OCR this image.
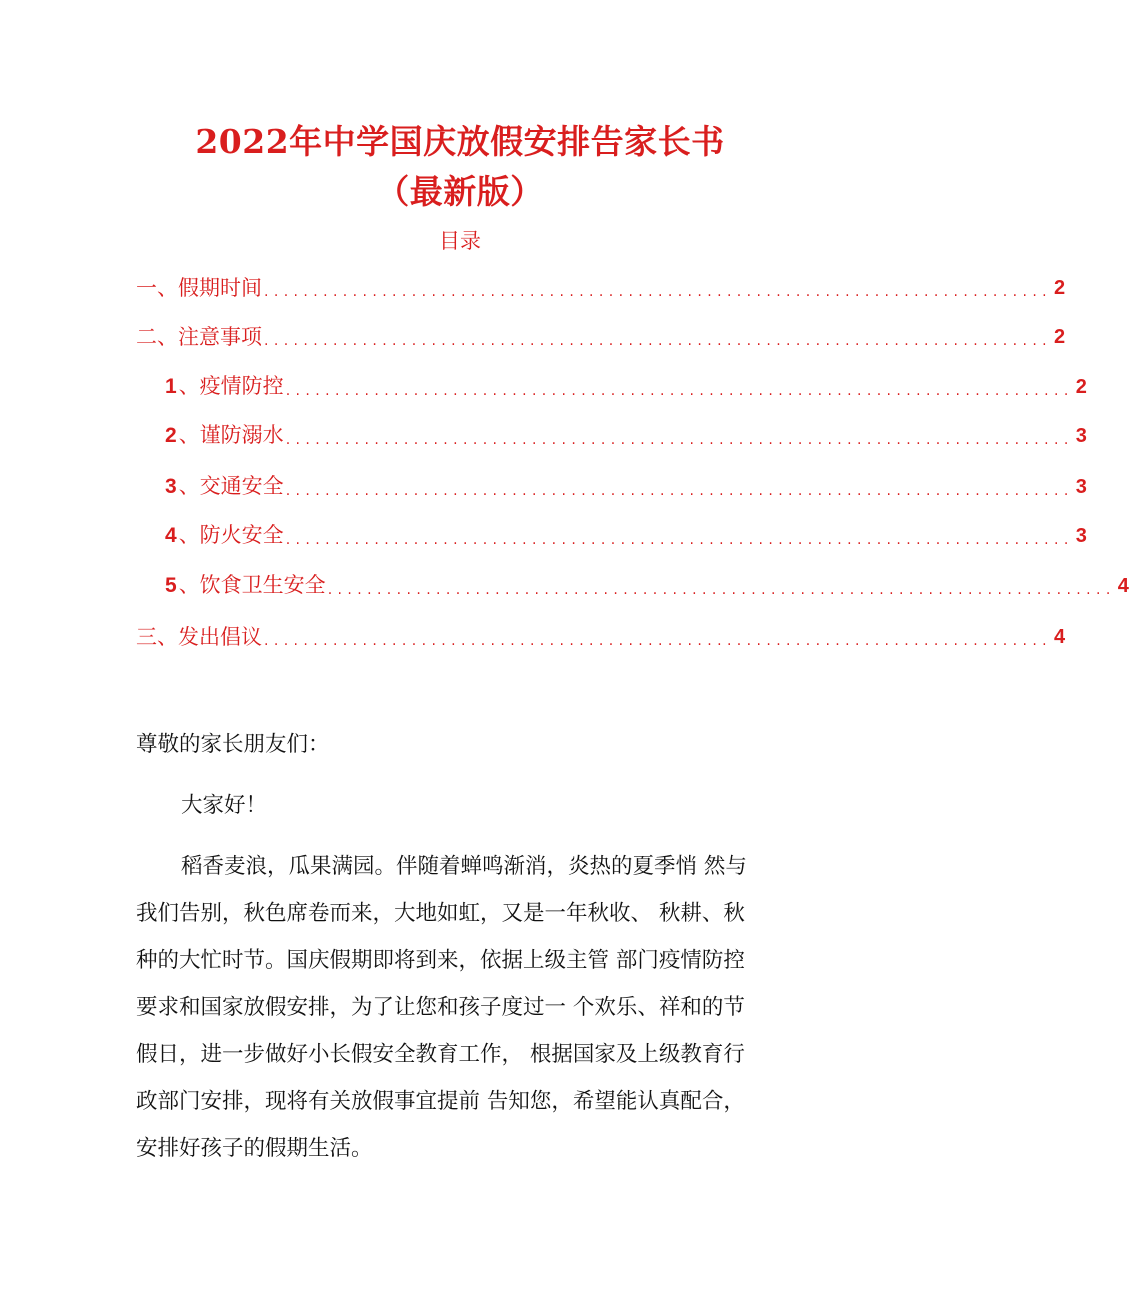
2022年中学国庆放假安排告家长书
（最新版）
目录
一、假期时间 ................................................................................ 2
二、注意事项 ................................................................................ 2
1、疫情防控 ................................................................................ 2
2、谨防溺水 ................................................................................ 3
3、交通安全 ................................................................................ 3
4、防火安全 ................................................................................ 3
5、饮食卫生安全 ................................................................................ 4
三、发出倡议 ................................................................................ 4
尊敬的家长朋友们：
大家好！
稻香麦浪，瓜果满园。伴随着蝉鸣渐消，炎热的夏季悄 然与
我们告别，秋色席卷而来，大地如虹，又是一年秋收、 秋耕、秋
种的大忙时节。国庆假期即将到来，依据上级主管 部门疫情防控
要求和国家放假安排，为了让您和孩子度过一 个欢乐、祥和的节
假日，进一步做好小长假安全教育工作， 根据国家及上级教育行
政部门安排，现将有关放假事宜提前 告知您，希望能认真配合，
安排好孩子的假期生活。
